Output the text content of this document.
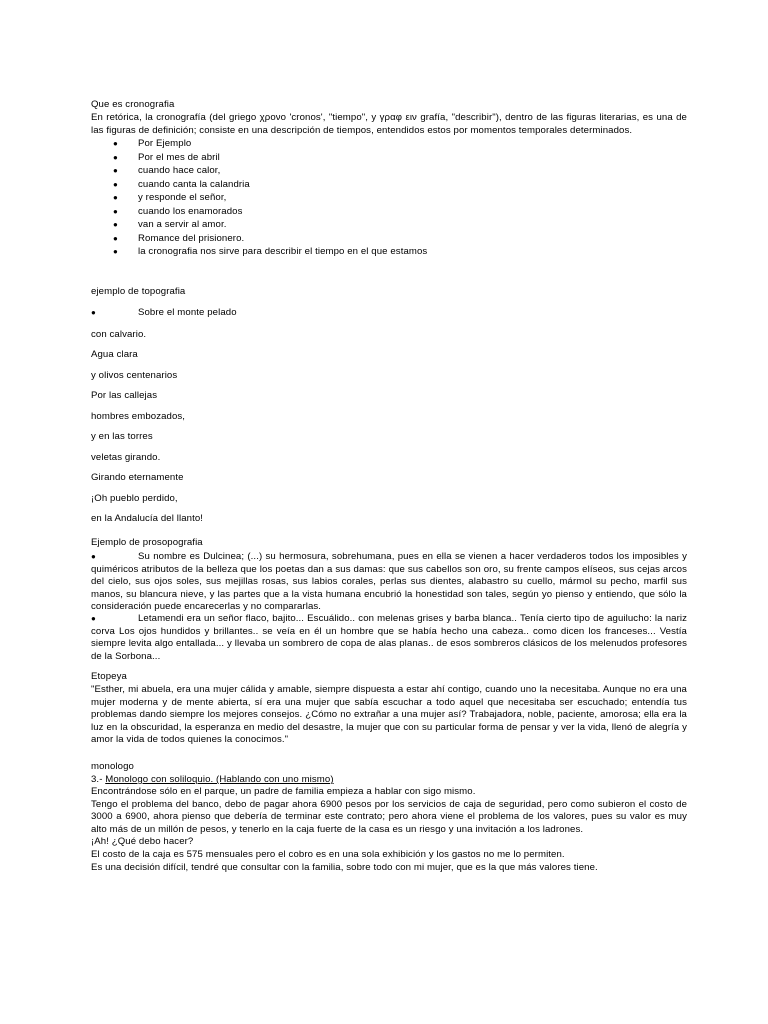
Que es cronografia
En retórica, la cronografía (del griego χρονο 'cronos', "tiempo", y γραφ ειν grafía, "describir"), dentro de las figuras literarias, es una de las figuras de definición; consiste en una descripción de tiempos, entendidos estos por momentos temporales determinados.
● Por Ejemplo
● Por el mes de abril
● cuando hace calor,
● cuando canta la calandria
● y responde el señor,
● cuando los enamorados
● van a servir al amor.
● Romance del prisionero.
● la cronografia nos sirve para describir el tiempo en el que estamos
ejemplo de topografia
●	Sobre el monte pelado
con calvario.
Agua clara
y olivos centenarios
Por las callejas
hombres embozados,
y en las torres
veletas girando.
Girando eternamente
¡Oh pueblo perdido,
en la Andalucía del llanto!
Ejemplo de prosopografia
●	Su nombre es Dulcinea; (...) su hermosura, sobrehumana, pues en ella se vienen a hacer verdaderos todos los imposibles y quiméricos atributos de la belleza que los poetas dan a sus damas: que sus cabellos son oro, su frente campos elíseos, sus cejas arcos del cielo, sus ojos soles, sus mejillas rosas, sus labios corales, perlas sus dientes, alabastro su cuello, mármol su pecho, marfil sus manos, su blancura nieve, y las partes que a la vista humana encubrió la honestidad son tales, según yo pienso y entiendo, que sólo la consideración puede encarecerlas y no compararlas.
●	Letamendi era un señor flaco, bajito... Escuálido.. con melenas grises y barba blanca.. Tenía cierto tipo de aguilucho: la nariz corva Los ojos hundidos y brillantes.. se veía en él un hombre que se había hecho una cabeza.. como dicen los franceses... Vestía siempre levita algo entallada... y llevaba un sombrero de copa de alas planas.. de esos sombreros clásicos de los melenudos profesores de la Sorbona...
Etopeya
"Esther, mi abuela, era una mujer cálida y amable, siempre dispuesta a estar ahí contigo, cuando uno la necesitaba. Aunque no era una mujer moderna y de mente abierta, sí era una mujer que sabía escuchar a todo aquel que necesitaba ser escuchado; entendía tus problemas dando siempre los mejores consejos. ¿Cómo no extrañar a una mujer así? Trabajadora, noble, paciente, amorosa; ella era la luz en la obscuridad, la esperanza en medio del desastre, la mujer que con su particular forma de pensar y ver la vida, llenó de alegría y amor la vida de todos quienes la conocimos."
monologo
3.- Monologo con soliloquio. (Hablando con uno mismo)
Encontrándose sólo en el parque, un padre de familia empieza a hablar con sigo mismo.
Tengo el problema del banco, debo de pagar ahora 6900 pesos por los servicios de caja de seguridad, pero como subieron el costo de 3000 a 6900, ahora pienso que debería de terminar este contrato; pero ahora viene el problema de los valores, pues su valor es muy alto más de un millón de pesos, y tenerlo en la caja fuerte de la casa es un riesgo y una invitación a los ladrones.
¡Ah! ¿Qué debo hacer?
El costo de la caja es 575 mensuales pero el cobro es en una sola exhibición y los gastos no me lo permiten.
Es una decisión difícil, tendré que consultar con la familia, sobre todo con mi mujer, que es la que más valores tiene.
